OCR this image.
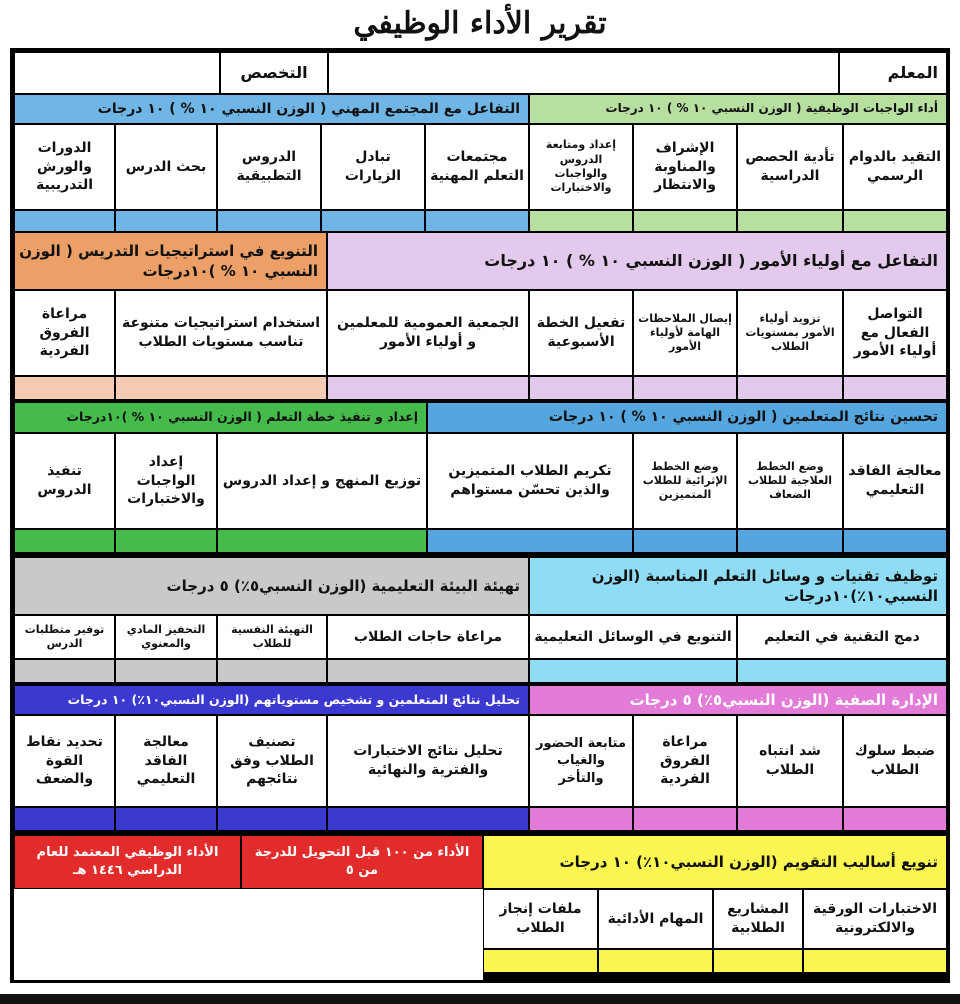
تقرير الأداء الوظيفي
المعلم
التخصص
أداء الواجبات الوظيفية ( الوزن النسبي ١٠ % ) ١٠ درجات
التفاعل مع المجتمع المهني ( الوزن النسبي ١٠ % ) ١٠ درجات
التقيد بالدوام الرسمي
تأدية الحصص الدراسية
الإشراف والمناوبة والانتظار
إعداد ومتابعة الدروس والواجبات والاختبارات
مجتمعات التعلم المهنية
تبادل الزيارات
الدروس التطبيقية
بحث الدرس
الدورات والورش التدريبية
التفاعل مع أولياء الأمور ( الوزن النسبي ١٠ % ) ١٠ درجات
التنويع في استراتيجيات التدريس ( الوزن النسبي ١٠ % )١٠درجات
التواصل الفعال مع أولياء الأمور
تزويد أولياء الأمور بمستويات الطلاب
إيصال الملاحظات الهامة لأولياء الأمور
تفعيل الخطة الأسبوعية
الجمعية العمومية للمعلمين و أولياء الأمور
استخدام استراتيجيات متنوعة تناسب مستويات الطلاب
مراعاة الفروق الفردية
تحسين نتائج المتعلمين ( الوزن النسبي ١٠ % ) ١٠ درجات
إعداد و تنفيذ خطة التعلم ( الوزن النسبي ١٠ % )١٠درجات
معالجة الفاقد التعليمي
وضع الخطط العلاجية للطلاب الضعاف
وضع الخطط الإثرائية للطلاب المتميزين
تكريم الطلاب المتميزين والذين تحسّن مستواهم
توزيع المنهج و إعداد الدروس
إعداد الواجبات والاختبارات
تنفيذ الدروس
توظيف تقنيات و وسائل التعلم المناسبة (الوزن النسبي١٠٪)١٠درجات
تهيئة البيئة التعليمية (الوزن النسبي٥٪) ٥ درجات
دمج التقنية في التعليم
التنويع في الوسائل التعليمية
مراعاة حاجات الطلاب
التهيئة النفسية للطلاب
التحفيز المادي والمعنوي
توفير متطلبات الدرس
الإدارة الصفية (الوزن النسبي٥٪) ٥ درجات
تحليل نتائج المتعلمين و تشخيص مستوياتهم (الوزن النسبي١٠٪) ١٠ درجات
ضبط سلوك الطلاب
شد انتباه الطلاب
مراعاة الفروق الفردية
متابعة الحضور والغياب والتأخر
تحليل نتائج الاختبارات والفترية والنهائية
تصنيف الطلاب وفق نتائجهم
معالجة الفاقد التعليمي
تحديد نقاط القوة والضعف
تنويع أساليب التقويم (الوزن النسبي١٠٪) ١٠ درجات
الأداء من ١٠٠ قبل التحويل للدرجة من ٥
الأداء الوظيفي المعتمد للعام الدراسي ١٤٤٦ هـ
الاختبارات الورقية والالكترونية
المشاريع الطلابية
المهام الأدائية
ملفات إنجاز الطلاب
